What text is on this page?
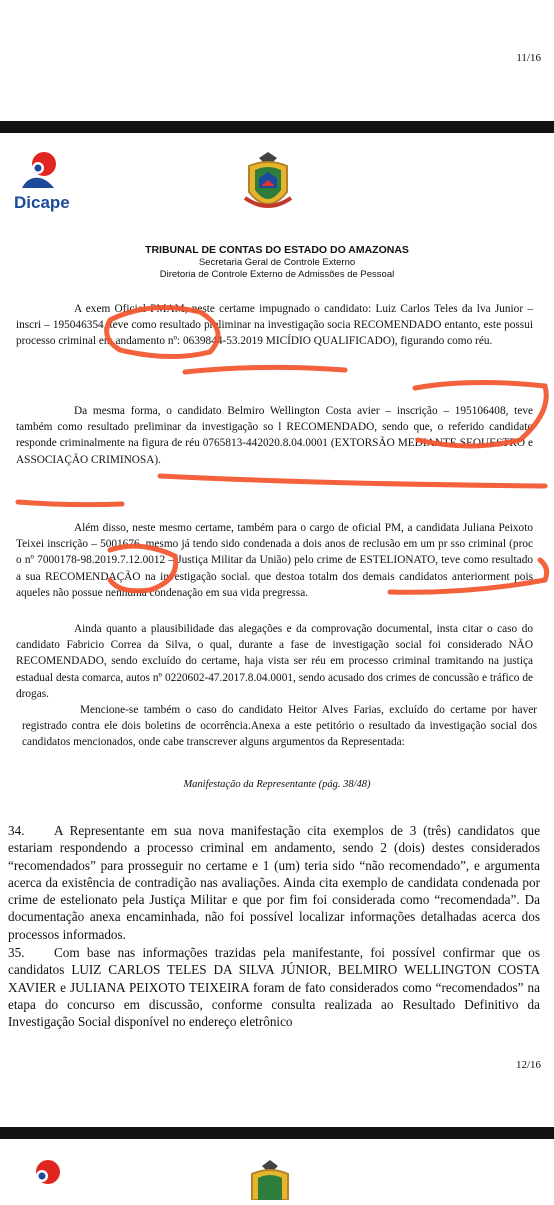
11/16
Dicape
TRIBUNAL DE CONTAS DO ESTADO DO AMAZONAS
Secretaria Geral de Controle Externo
Diretoria de Controle Externo de Admissões de Pessoal
A exem Oficial PMAM, neste certame impugnado o candidato: Luiz Carlos Teles da lva Junior – inscri – 195046354, teve como resultado preliminar na investigação socia RECOMENDADO entanto, este possui processo criminal em andamento nº: 0639844-53.2019 MICÍDIO QUALIFICADO), figurando como réu.
Da mesma forma, o candidato Belmiro Wellington Costa avier – inscrição – 195106408, teve também como resultado preliminar da investigação so l RECOMENDADO, sendo que, o referido candidato responde criminalmente na figura de réu 0765813-442020.8.04.0001 (EXTORSÃO MEDIANTE SEQUESTRO e ASSOCIAÇÃO CRIMINOSA).
Além disso, neste mesmo certame, também para o cargo de oficial PM, a candidata Juliana Peixoto Teixei inscrição – 5001676, mesmo já tendo sido condenada a dois anos de reclusão em um pr sso criminal (proc o nº 7000178-98.2019.7.12.0012 – Justiça Militar da União) pelo crime de ESTELIONATO, teve como resultado a sua RECOMENDAÇÃO na investigação social. que destoa totalm dos demais candidatos anteriorment pois aqueles não possue nenhuma condenação em sua vida pregressa.
Ainda quanto a plausibilidade das alegações e da comprovação documental, insta citar o caso do candidato Fabricio Correa da Silva, o qual, durante a fase de investigação social foi considerado NÃO RECOMENDADO, sendo excluído do certame, haja vista ser réu em processo criminal tramitando na justiça estadual desta comarca, autos nº 0220602-47.2017.8.04.0001, sendo acusado dos crimes de concussão e tráfico de drogas.
Mencione-se também o caso do candidato Heitor Alves Farias, excluído do certame por haver registrado contra ele dois boletins de ocorrência.Anexa a este petitório o resultado da investigação social dos candidatos mencionados, onde cabe transcrever alguns argumentos da Representada:
Manifestação da Representante (pág. 38/48)
34. A Representante em sua nova manifestação cita exemplos de 3 (três) candidatos que estariam respondendo a processo criminal em andamento, sendo 2 (dois) destes considerados “recomendados” para prosseguir no certame e 1 (um) teria sido “não recomendado”, e argumenta acerca da existência de contradição nas avaliações. Ainda cita exemplo de candidata condenada por crime de estelionato pela Justiça Militar e que por fim foi considerada como “recomendada”. Da documentação anexa encaminhada, não foi possível localizar informações detalhadas acerca dos processos informados.
35. Com base nas informações trazidas pela manifestante, foi possível confirmar que os candidatos LUIZ CARLOS TELES DA SILVA JÚNIOR, BELMIRO WELLINGTON COSTA XAVIER e JULIANA PEIXOTO TEIXEIRA foram de fato considerados como “recomendados” na etapa do concurso em discussão, conforme consulta realizada ao Resultado Definitivo da Investigação Social disponível no endereço eletrônico
12/16
